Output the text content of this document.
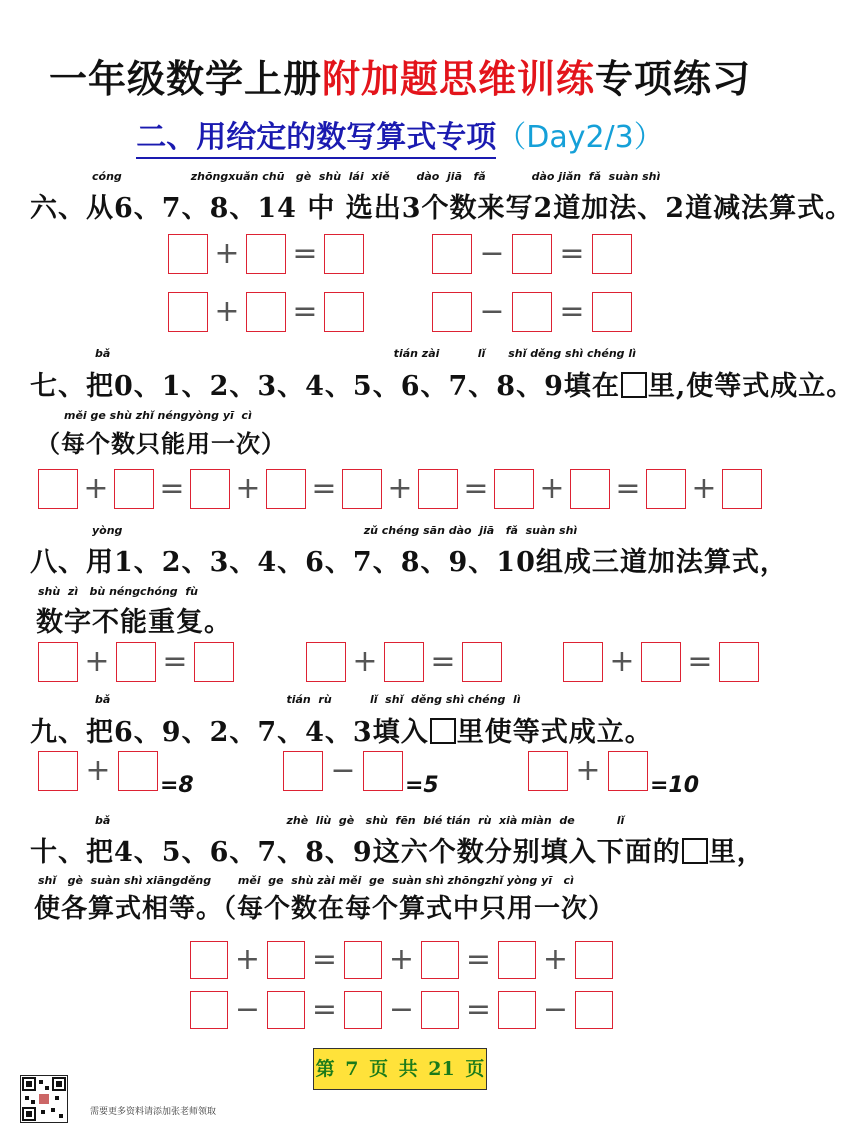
一年级数学上册附加题思维训练专项练习
二、用给定的数写算式专项（Day2/3）
cóng                  zhōngxuǎn chū   gè  shù  lái  xiě       dào  jiā   fǎ            dào jiǎn  fǎ  suàn shì
六、从6、7、8、14 中 选出3个数来写2道加法、2道减法算式。
bǎ                                                                          tián zài          lǐ      shǐ děng shì chéng lì
七、把0、1、2、3、4、5、6、7、8、9填在 里,使等式成立。
měi ge shù zhǐ néngyòng yī  cì
（每个数只能用一次）
yòng                                                               zǔ chéng sān dào  jiā   fǎ  suàn shì
八、用1、2、3、4、6、7、8、9、10组成三道加法算式，
shù  zì   bù néngchóng  fù
数字不能重复。
bǎ                                              tián  rù          lǐ  shǐ  děng shì chéng  lì
九、把6、9、2、7、4、3填入 里使等式成立。
bǎ                                              zhè  liù  gè   shù  fēn  bié tián  rù  xià miàn  de           lǐ
十、把4、5、6、7、8、9这六个数分别填入下面的 里，
shǐ   gè  suàn shì xiāngděng       měi  ge  shù zài měi  ge  suàn shì zhōngzhǐ yòng yī   cì
使各算式相等。（每个数在每个算式中只用一次）
第 7 页 共 21 页
需要更多资料请添加张老师领取
+ =	− =
+ =	− =
+ = + = + = + = +
+ =	+ =	+ =
+	−	+
=8	=5	=10
+ = + = +
− = − = −
